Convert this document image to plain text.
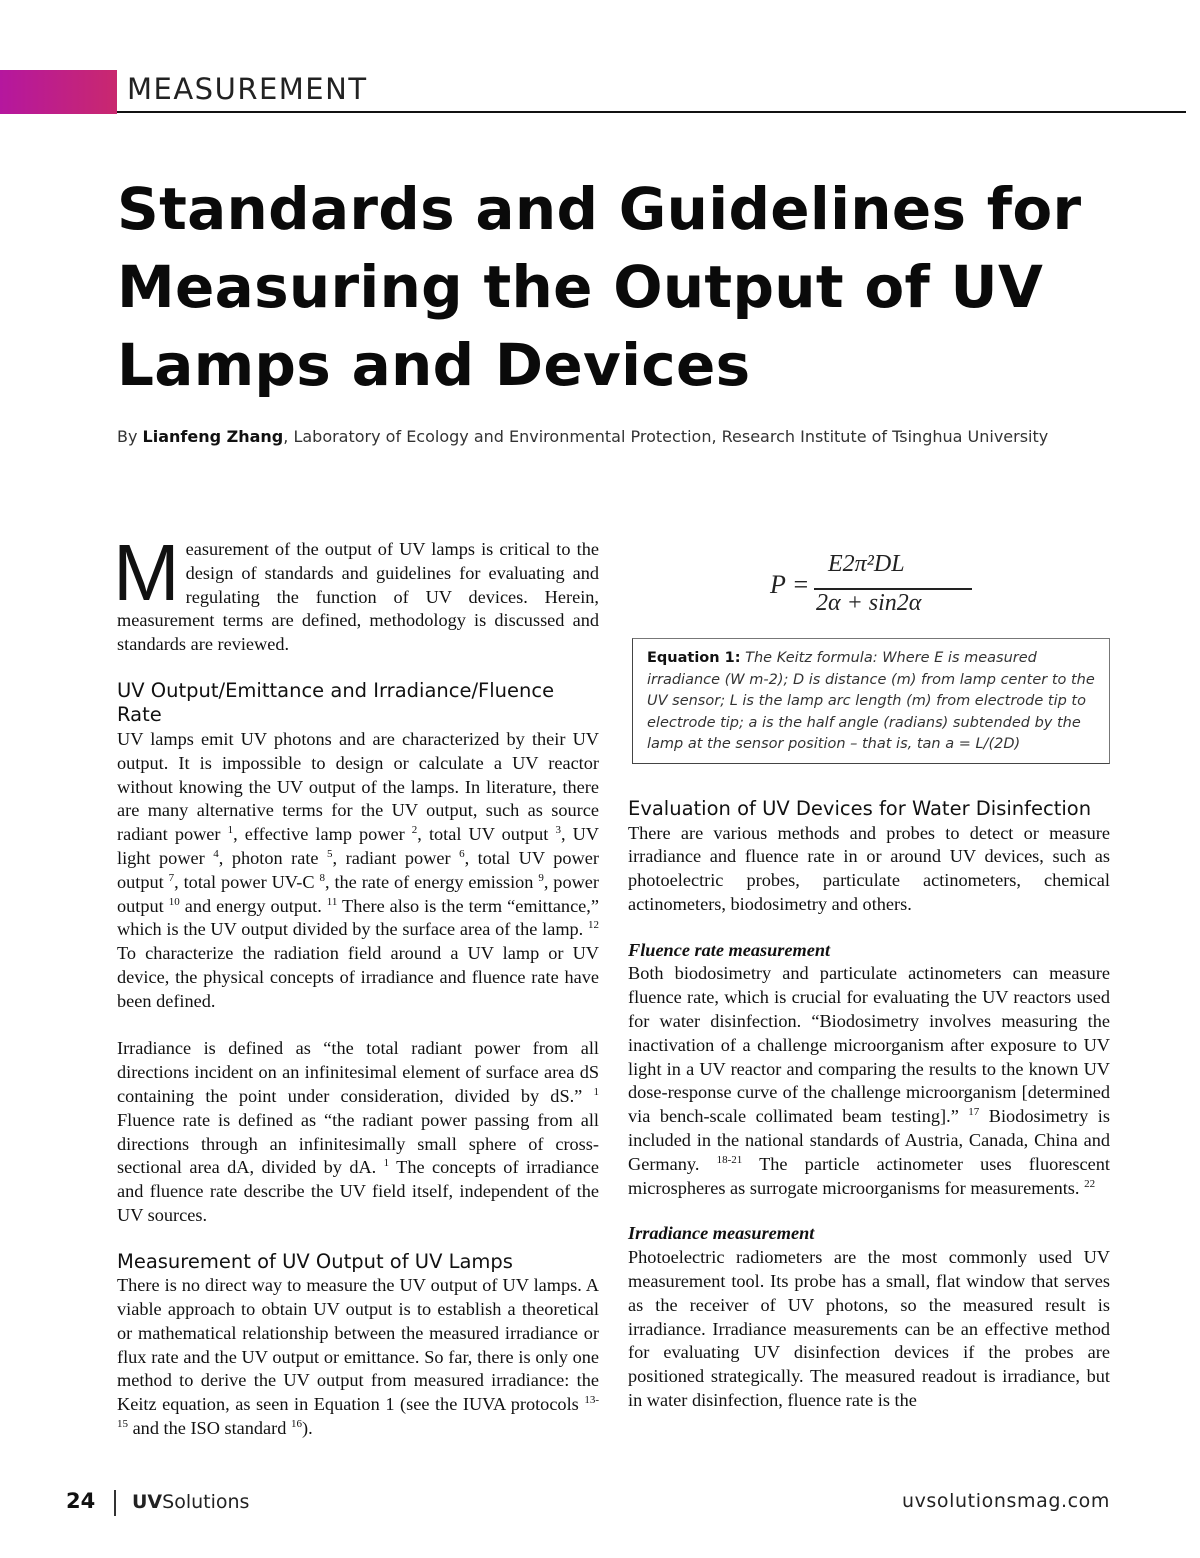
MEASUREMENT
Standards and Guidelines for Measuring the Output of UV Lamps and Devices
By Lianfeng Zhang, Laboratory of Ecology and Environmental Protection, Research Institute of Tsinghua University

Measurement of the output of UV lamps is critical to the design of standards and guidelines for evaluating and regulating the function of UV devices. Herein, measurement terms are defined, methodology is discussed and standards are reviewed.

UV Output/Emittance and Irradiance/Fluence Rate

UV lamps emit UV photons and are characterized by their UV output. It is impossible to design or calculate a UV reactor without knowing the UV output of the lamps. In literature, there are many alternative terms for the UV output, such as source radiant power $^1$, effective lamp power $^2$, total UV output $^3$, UV light power $^4$, photon rate $^5$, radiant power $^6$, total UV power output $^7$, total power UV-C $^8$, the rate of energy emission $^9$, power output $^{10}$ and energy output. $^{11}$ There also is the term “emittance,” which is the UV output divided by the surface area of the lamp. $^{12}$ To characterize the radiation field around a UV lamp or UV device, the physical concepts of irradiance and fluence rate have been defined.

Irradiance is defined as “the total radiant power from all directions incident on an infinitesimal element of surface area dS containing the point under consideration, divided by dS.” $^1$ Fluence rate is defined as “the radiant power passing from all directions through an infinitesimally small sphere of cross-sectional area dA, divided by dA. $^1$ The concepts of irradiance and fluence rate describe the UV field itself, independent of the UV sources.

Measurement of UV Output of UV Lamps

There is no direct way to measure the UV output of UV lamps. A viable approach to obtain UV output is to establish a theoretical or mathematical relationship between the measured irradiance or flux rate and the UV output or emittance. So far, there is only one method to derive the UV output from measured irradiance: the Keitz equation, as seen in Equation 1 (see the IUVA protocols $^{13-15}$ and the ISO standard $^{16}$).

P =
E2π²DL
2α + sin2α
Equation 1: The Keitz formula: Where E is measured irradiance (W m-2); D is distance (m) from lamp center to the UV sensor; L is the lamp arc length (m) from electrode tip to electrode tip; a is the half angle (radians) subtended by the lamp at the sensor position – that is, tan a = L/(2D)
Evaluation of UV Devices for Water Disinfection

There are various methods and probes to detect or measure irradiance and fluence rate in or around UV devices, such as photoelectric probes, particulate actinometers, chemical actinometers, biodosimetry and others.

Fluence rate measurement

Both biodosimetry and particulate actinometers can measure fluence rate, which is crucial for evaluating the UV reactors used for water disinfection. “Biodosimetry involves measuring the inactivation of a challenge microorganism after exposure to UV light in a UV reactor and comparing the results to the known UV dose-response curve of the challenge microorganism [determined via bench-scale collimated beam testing].” $^{17}$ Biodosimetry is included in the national standards of Austria, Canada, China and Germany. $^{18-21}$ The particle actinometer uses fluorescent microspheres as surrogate microorganisms for measurements. $^{22}$

Irradiance measurement

Photoelectric radiometers are the most commonly used UV measurement tool. Its probe has a small, flat window that serves as the receiver of UV photons, so the measured result is irradiance. Irradiance measurements can be an effective method for evaluating UV disinfection devices if the probes are positioned strategically. The measured readout is irradiance, but in water disinfection, fluence rate is the

24 UVSolutions	uvsolutionsmag.com
